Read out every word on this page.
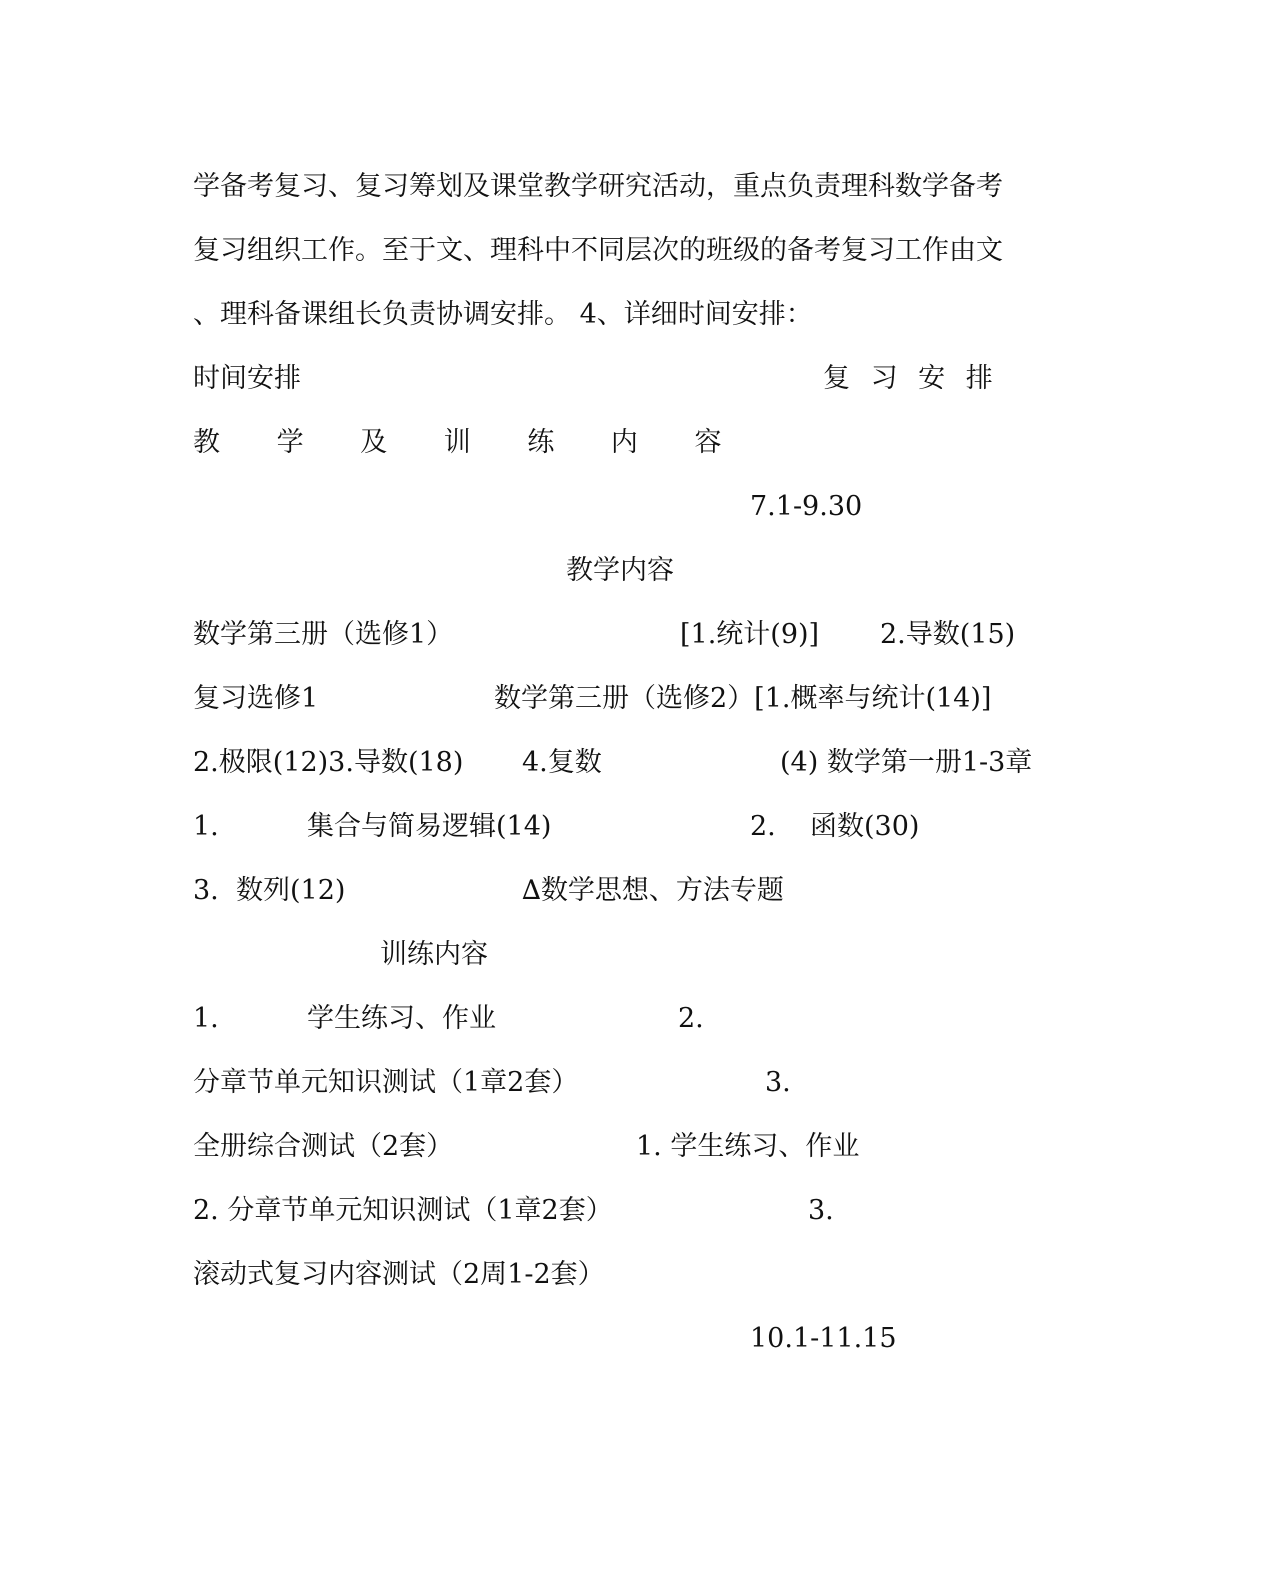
学备考复习、复习筹划及课堂教学研究活动，重点负责理科数学备考
复习组织工作。至于文、理科中不同层次的班级的备考复习工作由文
、理科备课组长负责协调安排。 4、详细时间安排：
时间安排	复 习 安 排
教 学 及 训 练 内 容
7.1-9.30
教学内容
数学第三册（选修1）	[1.统计(9)] 2.导数(15)
复习选修1	数学第三册（选修2）[1.概率与统计(14)]
2.极限(12)3.导数(18) 4.复数	(4) 数学第一册1-3章
1.	集合与简易逻辑(14)	2. 函数(30)
3. 数列(12)	∆数学思想、方法专题
训练内容
1.	学生练习、作业	2.
分章节单元知识测试（1章2套）	3.
全册综合测试（2套）	1. 学生练习、作业
2. 分章节单元知识测试（1章2套）	3.
滚动式复习内容测试（2周1-2套）
10.1-11.15
